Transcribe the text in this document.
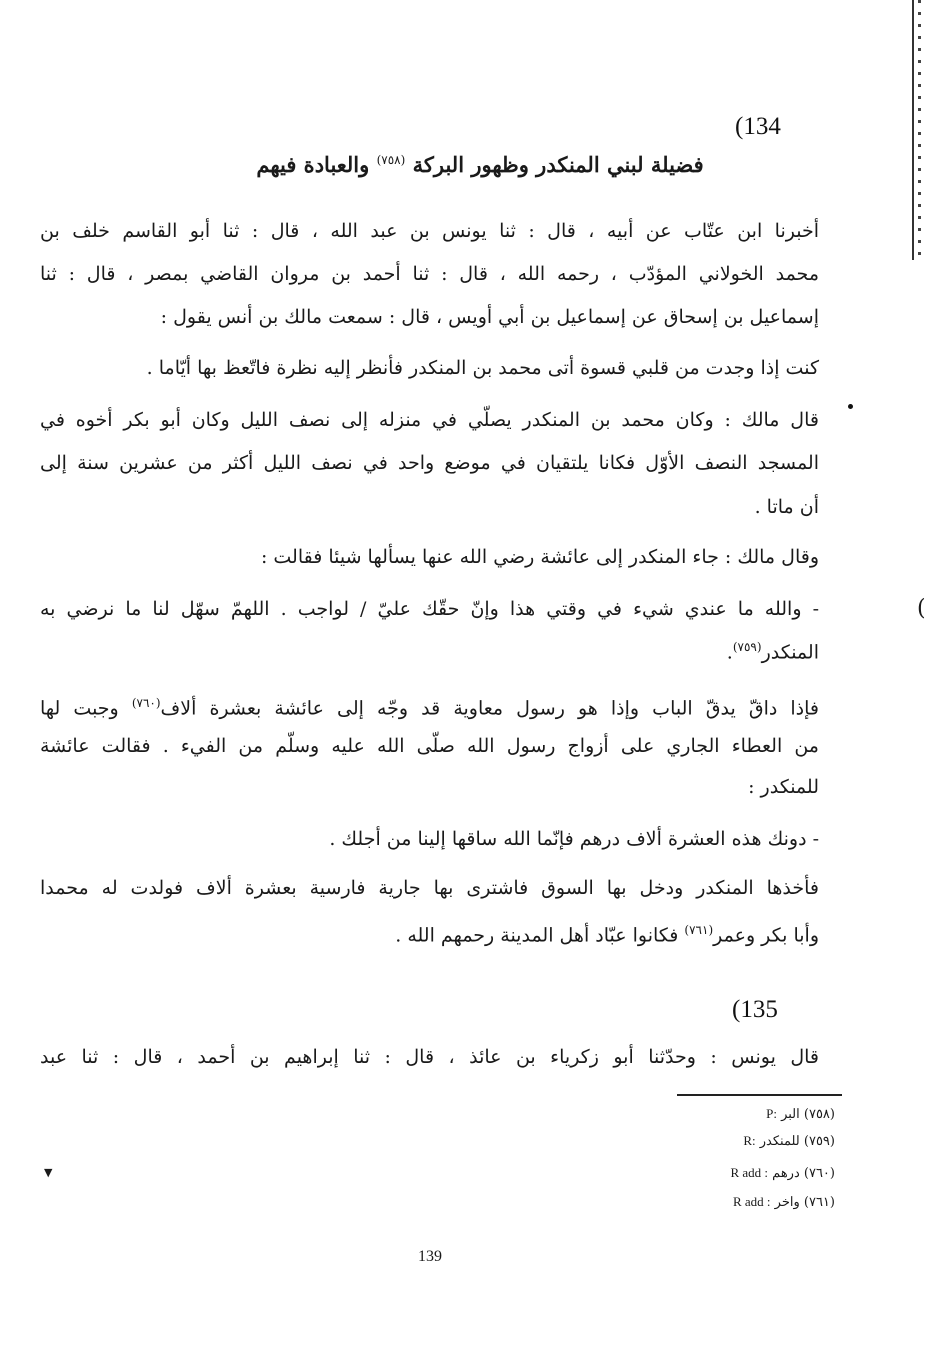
(134
فضيلة لبني المنكدر وظهور البركة $^{(٧٥٨)}$ والعبادة فيهم
أخبرنا ابن عتّاب عن أبيه ، قال : ثنا يونس بن عبد الله ، قال : ثنا أبو القاسم خلف بن
محمد الخولاني المؤدّب ، رحمه الله ، قال : ثنا أحمد بن مروان القاضي بمصر ، قال : ثنا
إسماعيل بن إسحاق عن إسماعيل بن أبي أويس ، قال : سمعت مالك بن أنس يقول :
كنت إذا وجدت من قلبي قسوة أتى محمد بن المنكدر فأنظر إليه نظرة فاتّعظ بها أيّاما .
قال مالك : وكان محمد بن المنكدر يصلّي في منزله إلى نصف الليل وكان أبو بكر أخوه في
المسجد النصف الأوّل فكانا يلتقيان في موضع واحد في نصف الليل أكثر من عشرين سنة إلى
أن ماتا .
وقال مالك : جاء المنكدر إلى عائشة رضي الله عنها يسألها شيئا فقالت :
(
- والله ما عندي شيء في وقتي هذا وإنّ حقّك عليّ / لواجب . اللهمّ سهّل لنا ما نرضي به
المنكدر$^{(٧٥٩)}$.
فإذا داقّ يدقّ الباب وإذا هو رسول معاوية قد وجّه إلى عائشة بعشرة ألاف$^{(٧٦٠)}$ وجبت لها
من العطاء الجاري على أزواج رسول الله صلّى الله عليه وسلّم من الفيء . فقالت عائشة
للمنكدر :
- دونك هذه العشرة ألاف درهم فإنّما الله ساقها إلينا من أجلك .
فأخذها المنكدر ودخل بها السوق فاشترى بها جارية فارسية بعشرة ألاف فولدت له محمدا
وأبا بكر وعمر$^{(٧٦١)}$ فكانوا عبّاد أهل المدينة رحمهم الله .
(135
قال يونس : وحدّثنا أبو زكرياء بن عائذ ، قال : ثنا إبراهيم بن أحمد ، قال : ثنا عبد
(٧٥٨) البر P:
(٧٥٩) للمنكدر R:
(٧٦٠) درهم R add :
(٧٦١) واخر R add :
▼
139
